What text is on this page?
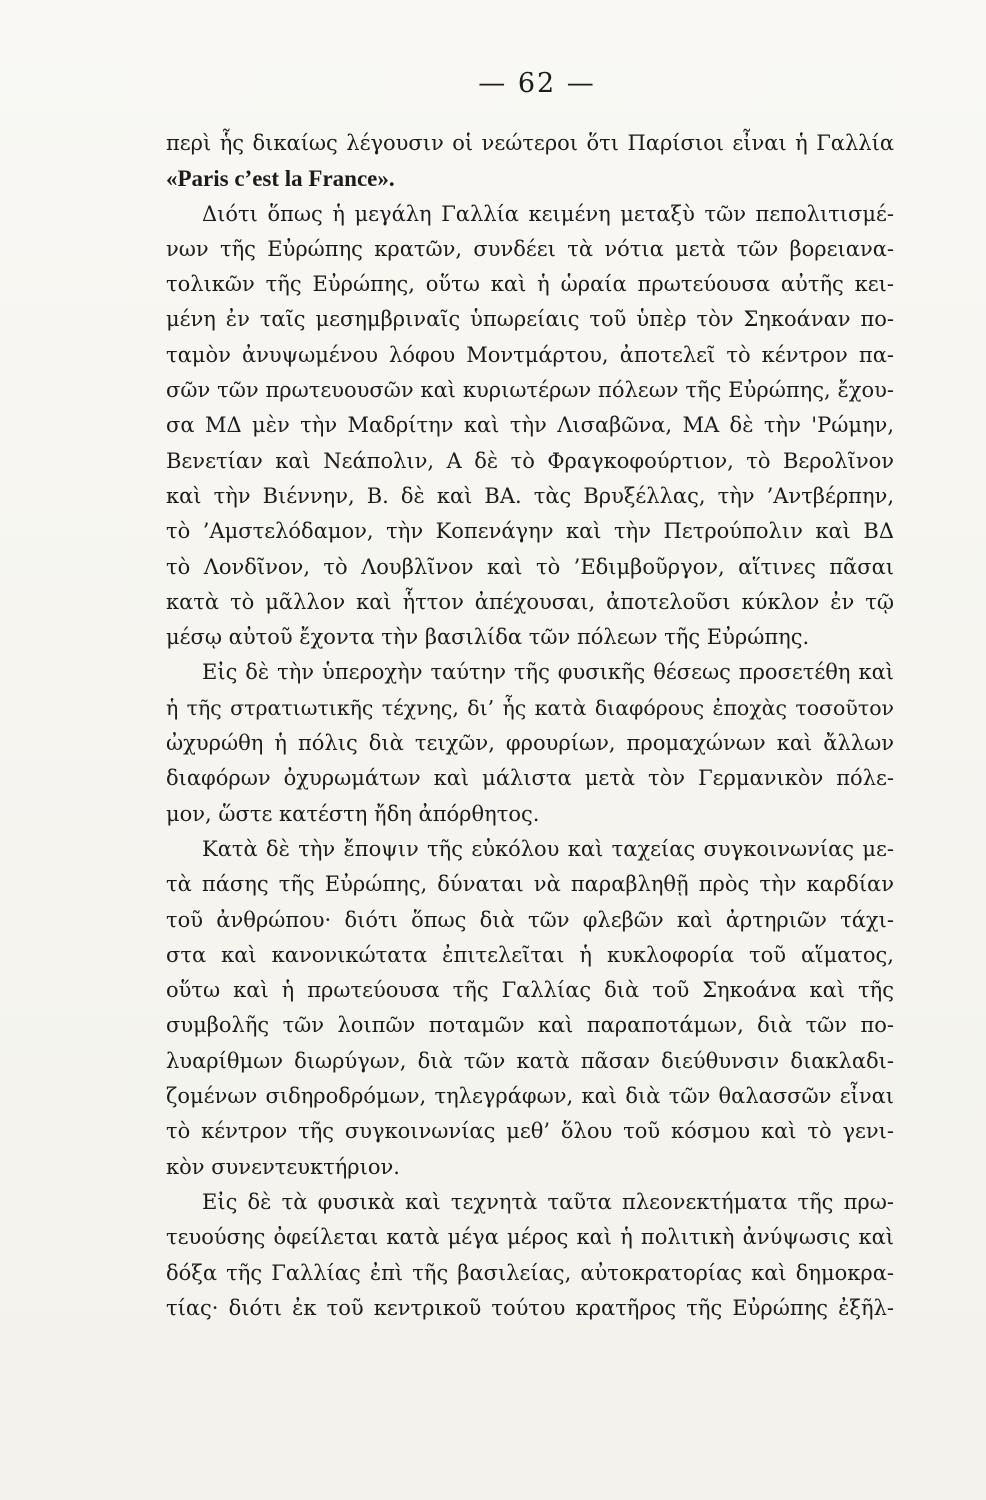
— 62 —
περὶ ἧς δικαίως λέγουσιν οἱ νεώτεροι ὅτι Παρίσιοι εἶναι ἡ Γαλλία
«Paris c’est la France».
Διότι ὅπως ἡ μεγάλη Γαλλία κειμένη μεταξὺ τῶν πεπολιτισμέ-
νων τῆς Εὐρώπης κρατῶν, συνδέει τὰ νότια μετὰ τῶν βορειανα-
τολικῶν τῆς Εὐρώπης, οὕτω καὶ ἡ ὡραία πρωτεύουσα αὐτῆς κει-
μένη ἐν ταῖς μεσημβριναῖς ὑπωρείαις τοῦ ὑπὲρ τὸν Σηκοάναν πο-
ταμὸν ἀνυψωμένου λόφου Μοντμάρτου, ἀποτελεῖ τὸ κέντρον πα-
σῶν τῶν πρωτευουσῶν καὶ κυριωτέρων πόλεων τῆς Εὐρώπης, ἔχου-
σα ΜΔ μὲν τὴν Μαδρίτην καὶ τὴν Λισαβῶνα, ΜΑ δὲ τὴν 'Ρώμην,
Βενετίαν καὶ Νεάπολιν, Α δὲ τὸ Φραγκοφούρτιον, τὸ Βερολῖνον
καὶ τὴν Βιέννην, Β. δὲ καὶ ΒΑ. τὰς Βρυξέλλας, τὴν ’Αντβέρπην,
τὸ ’Αμστελόδαμον, τὴν Κοπενάγην καὶ τὴν Πετρούπολιν καὶ ΒΔ
τὸ Λονδῖνον, τὸ Λουβλῖνον καὶ τὸ ’Εδιμβοῦργον, αἵτινες πᾶσαι
κατὰ τὸ μᾶλλον καὶ ἧττον ἀπέχουσαι, ἀποτελοῦσι κύκλον ἐν τῷ
μέσῳ αὐτοῦ ἔχοντα τὴν βασιλίδα τῶν πόλεων τῆς Εὐρώπης.
Εἰς δὲ τὴν ὑπεροχὴν ταύτην τῆς φυσικῆς θέσεως προσετέθη καὶ
ἡ τῆς στρατιωτικῆς τέχνης, δι’ ἧς κατὰ διαφόρους ἐποχὰς τοσοῦτον
ὠχυρώθη ἡ πόλις διὰ τειχῶν, φρουρίων, προμαχώνων καὶ ἄλλων
διαφόρων ὀχυρωμάτων καὶ μάλιστα μετὰ τὸν Γερμανικὸν πόλε-
μον, ὥστε κατέστη ἤδη ἀπόρθητος.
Κατὰ δὲ τὴν ἔποψιν τῆς εὐκόλου καὶ ταχείας συγκοινωνίας με-
τὰ πάσης τῆς Εὐρώπης, δύναται νὰ παραβληθῇ πρὸς τὴν καρδίαν
τοῦ ἀνθρώπου· διότι ὅπως διὰ τῶν φλεβῶν καὶ ἀρτηριῶν τάχι-
στα καὶ κανονικώτατα ἐπιτελεῖται ἡ κυκλοφορία τοῦ αἵματος,
οὕτω καὶ ἡ πρωτεύουσα τῆς Γαλλίας διὰ τοῦ Σηκοάνα καὶ τῆς
συμβολῆς τῶν λοιπῶν ποταμῶν καὶ παραποτάμων, διὰ τῶν πο-
λυαρίθμων διωρύγων, διὰ τῶν κατὰ πᾶσαν διεύθυνσιν διακλαδι-
ζομένων σιδηροδρόμων, τηλεγράφων, καὶ διὰ τῶν θαλασσῶν εἶναι
τὸ κέντρον τῆς συγκοινωνίας μεθ’ ὅλου τοῦ κόσμου καὶ τὸ γενι-
κὸν συνεντευκτήριον.
Εἰς δὲ τὰ φυσικὰ καὶ τεχνητὰ ταῦτα πλεονεκτήματα τῆς πρω-
τευούσης ὀφείλεται κατὰ μέγα μέρος καὶ ἡ πολιτικὴ ἀνύψωσις καὶ
δόξα τῆς Γαλλίας ἐπὶ τῆς βασιλείας, αὐτοκρατορίας καὶ δημοκρα-
τίας· διότι ἐκ τοῦ κεντρικοῦ τούτου κρατῆρος τῆς Εὐρώπης ἐξῆλ-
